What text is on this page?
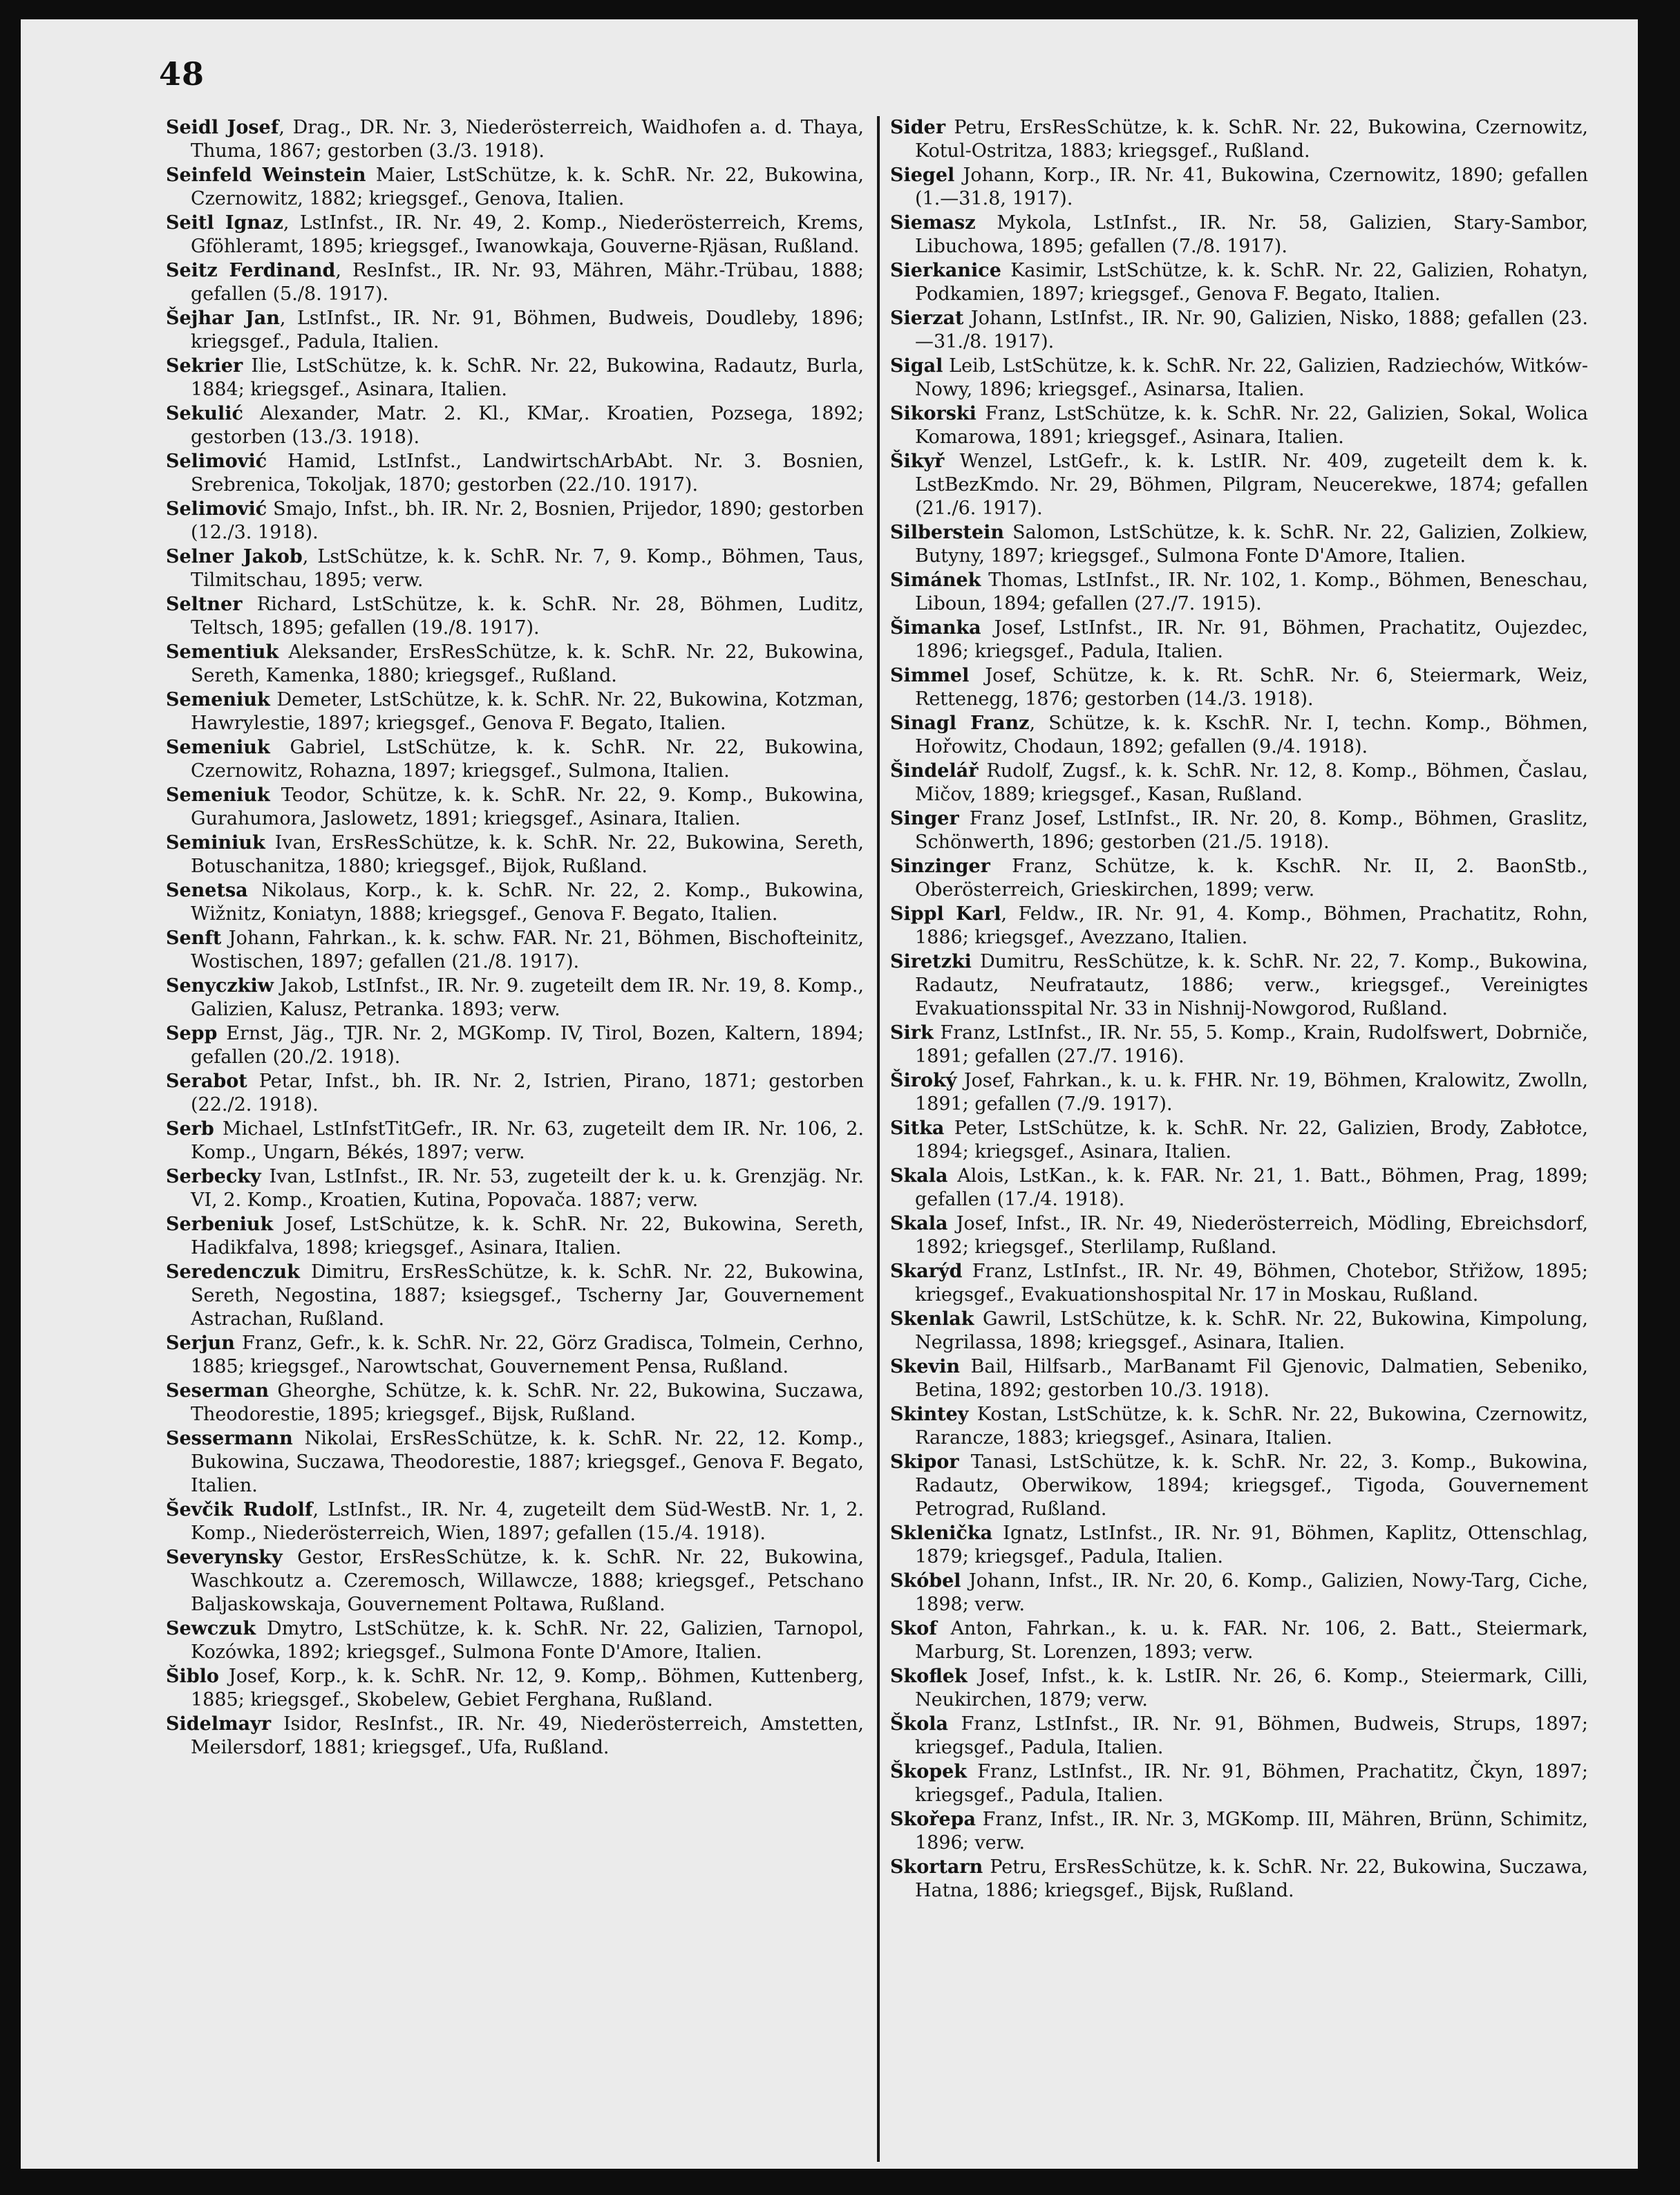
48

Seidl Josef, Drag., DR. Nr. 3, Niederösterreich, Waidhofen a. d. Thaya, Thuma, 1867; gestorben (3./3. 1918).

Seinfeld Weinstein Maier, LstSchütze, k. k. SchR. Nr. 22, Bukowina, Czernowitz, 1882; kriegsgef., Genova, Italien.

Seitl Ignaz, LstInfst., IR. Nr. 49, 2. Komp., Niederösterreich, Krems, Gföhleramt, 1895; kriegsgef., Iwanowkaja, Gouverne-Rjäsan, Rußland.

Seitz Ferdinand, ResInfst., IR. Nr. 93, Mähren, Mähr.-Trübau, 1888; gefallen (5./8. 1917).

Šejhar Jan, LstInfst., IR. Nr. 91, Böhmen, Budweis, Doudleby, 1896; kriegsgef., Padula, Italien.

Sekrier Ilie, LstSchütze, k. k. SchR. Nr. 22, Bukowina, Radautz, Burla, 1884; kriegsgef., Asinara, Italien.

Sekulić Alexander, Matr. 2. Kl., KMar,. Kroatien, Pozsega, 1892; gestorben (13./3. 1918).

Selimović Hamid, LstInfst., LandwirtschArbAbt. Nr. 3. Bosnien, Srebrenica, Tokoljak, 1870; gestorben (22./10. 1917).

Selimović Smajo, Infst., bh. IR. Nr. 2, Bosnien, Prijedor, 1890; gestorben (12./3. 1918).

Selner Jakob, LstSchütze, k. k. SchR. Nr. 7, 9. Komp., Böhmen, Taus, Tilmitschau, 1895; verw.

Seltner Richard, LstSchütze, k. k. SchR. Nr. 28, Böhmen, Luditz, Teltsch, 1895; gefallen (19./8. 1917).

Sementiuk Aleksander, ErsResSchütze, k. k. SchR. Nr. 22, Bukowina, Sereth, Kamenka, 1880; kriegsgef., Rußland.

Semeniuk Demeter, LstSchütze, k. k. SchR. Nr. 22, Bukowina, Kotzman, Hawrylestie, 1897; kriegsgef., Genova F. Begato, Italien.

Semeniuk Gabriel, LstSchütze, k. k. SchR. Nr. 22, Bukowina, Czernowitz, Rohazna, 1897; kriegsgef., Sulmona, Italien.

Semeniuk Teodor, Schütze, k. k. SchR. Nr. 22, 9. Komp., Bukowina, Gurahumora, Jaslowetz, 1891; kriegsgef., Asinara, Italien.

Seminiuk Ivan, ErsResSchütze, k. k. SchR. Nr. 22, Bukowina, Sereth, Botuschanitza, 1880; kriegsgef., Bijok, Rußland.

Senetsa Nikolaus, Korp., k. k. SchR. Nr. 22, 2. Komp., Bukowina, Wižnitz, Koniatyn, 1888; kriegsgef., Genova F. Begato, Italien.

Senft Johann, Fahrkan., k. k. schw. FAR. Nr. 21, Böhmen, Bischofteinitz, Wostischen, 1897; gefallen (21./8. 1917).

Senyczkiw Jakob, LstInfst., IR. Nr. 9. zugeteilt dem IR. Nr. 19, 8. Komp., Galizien, Kalusz, Petranka. 1893; verw.

Sepp Ernst, Jäg., TJR. Nr. 2, MGKomp. IV, Tirol, Bozen, Kaltern, 1894; gefallen (20./2. 1918).

Serabot Petar, Infst., bh. IR. Nr. 2, Istrien, Pirano, 1871; gestorben (22./2. 1918).

Serb Michael, LstInfstTitGefr., IR. Nr. 63, zugeteilt dem IR. Nr. 106, 2. Komp., Ungarn, Békés, 1897; verw.

Serbecky Ivan, LstInfst., IR. Nr. 53, zugeteilt der k. u. k. Grenzjäg. Nr. VI, 2. Komp., Kroatien, Kutina, Popovača. 1887; verw.

Serbeniuk Josef, LstSchütze, k. k. SchR. Nr. 22, Bukowina, Sereth, Hadikfalva, 1898; kriegsgef., Asinara, Italien.

Seredenczuk Dimitru, ErsResSchütze, k. k. SchR. Nr. 22, Bukowina, Sereth, Negostina, 1887; ksiegsgef., Tscherny Jar, Gouvernement Astrachan, Rußland.

Serjun Franz, Gefr., k. k. SchR. Nr. 22, Görz Gradisca, Tolmein, Cerhno, 1885; kriegsgef., Narowtschat, Gouvernement Pensa, Rußland.

Seserman Gheorghe, Schütze, k. k. SchR. Nr. 22, Bukowina, Suczawa, Theodorestie, 1895; kriegsgef., Bijsk, Rußland.

Sessermann Nikolai, ErsResSchütze, k. k. SchR. Nr. 22, 12. Komp., Bukowina, Suczawa, Theodorestie, 1887; kriegsgef., Genova F. Begato, Italien.

Ševčik Rudolf, LstInfst., IR. Nr. 4, zugeteilt dem Süd-WestB. Nr. 1, 2. Komp., Niederösterreich, Wien, 1897; gefallen (15./4. 1918).

Severynsky Gestor, ErsResSchütze, k. k. SchR. Nr. 22, Bukowina, Waschkoutz a. Czeremosch, Willawcze, 1888; kriegsgef., Petschano Baljaskowskaja, Gouvernement Poltawa, Rußland.

Sewczuk Dmytro, LstSchütze, k. k. SchR. Nr. 22, Galizien, Tarnopol, Kozówka, 1892; kriegsgef., Sulmona Fonte D'Amore, Italien.

Šiblo Josef, Korp., k. k. SchR. Nr. 12, 9. Komp,. Böhmen, Kuttenberg, 1885; kriegsgef., Skobelew, Gebiet Ferghana, Rußland.

Sidelmayr Isidor, ResInfst., IR. Nr. 49, Niederösterreich, Amstetten, Meilersdorf, 1881; kriegsgef., Ufa, Rußland.

Sider Petru, ErsResSchütze, k. k. SchR. Nr. 22, Bukowina, Czernowitz, Kotul-Ostritza, 1883; kriegsgef., Rußland.

Siegel Johann, Korp., IR. Nr. 41, Bukowina, Czernowitz, 1890; gefallen (1.—31.8, 1917).

Siemasz Mykola, LstInfst., IR. Nr. 58, Galizien, Stary-Sambor, Libuchowa, 1895; gefallen (7./8. 1917).

Sierkanice Kasimir, LstSchütze, k. k. SchR. Nr. 22, Galizien, Rohatyn, Podkamien, 1897; kriegsgef., Genova F. Begato, Italien.

Sierzat Johann, LstInfst., IR. Nr. 90, Galizien, Nisko, 1888; gefallen (23.—31./8. 1917).

Sigal Leib, LstSchütze, k. k. SchR. Nr. 22, Galizien, Radziechów, Witków-Nowy, 1896; kriegsgef., Asinarsa, Italien.

Sikorski Franz, LstSchütze, k. k. SchR. Nr. 22, Galizien, Sokal, Wolica Komarowa, 1891; kriegsgef., Asinara, Italien.

Šikyř Wenzel, LstGefr., k. k. LstIR. Nr. 409, zugeteilt dem k. k. LstBezKmdo. Nr. 29, Böhmen, Pilgram, Neucerekwe, 1874; gefallen (21./6. 1917).

Silberstein Salomon, LstSchütze, k. k. SchR. Nr. 22, Galizien, Zolkiew, Butyny, 1897; kriegsgef., Sulmona Fonte D'Amore, Italien.

Simánek Thomas, LstInfst., IR. Nr. 102, 1. Komp., Böhmen, Beneschau, Liboun, 1894; gefallen (27./7. 1915).

Šimanka Josef, LstInfst., IR. Nr. 91, Böhmen, Prachatitz, Oujezdec, 1896; kriegsgef., Padula, Italien.

Simmel Josef, Schütze, k. k. Rt. SchR. Nr. 6, Steiermark, Weiz, Rettenegg, 1876; gestorben (14./3. 1918).

Sinagl Franz, Schütze, k. k. KschR. Nr. I, techn. Komp., Böhmen, Hořowitz, Chodaun, 1892; gefallen (9./4. 1918).

Šindelář Rudolf, Zugsf., k. k. SchR. Nr. 12, 8. Komp., Böhmen, Časlau, Mičov, 1889; kriegsgef., Kasan, Rußland.

Singer Franz Josef, LstInfst., IR. Nr. 20, 8. Komp., Böhmen, Graslitz, Schönwerth, 1896; gestorben (21./5. 1918).

Sinzinger Franz, Schütze, k. k. KschR. Nr. II, 2. BaonStb., Oberösterreich, Grieskirchen, 1899; verw.

Sippl Karl, Feldw., IR. Nr. 91, 4. Komp., Böhmen, Prachatitz, Rohn, 1886; kriegsgef., Avezzano, Italien.

Siretzki Dumitru, ResSchütze, k. k. SchR. Nr. 22, 7. Komp., Bukowina, Radautz, Neufratautz, 1886; verw., kriegsgef., Vereinigtes Evakuationsspital Nr. 33 in Nishnij-Nowgorod, Rußland.

Sirk Franz, LstInfst., IR. Nr. 55, 5. Komp., Krain, Rudolfswert, Dobrniče, 1891; gefallen (27./7. 1916).

Široký Josef, Fahrkan., k. u. k. FHR. Nr. 19, Böhmen, Kralowitz, Zwolln, 1891; gefallen (7./9. 1917).

Sitka Peter, LstSchütze, k. k. SchR. Nr. 22, Galizien, Brody, Zabłotce, 1894; kriegsgef., Asinara, Italien.

Skala Alois, LstKan., k. k. FAR. Nr. 21, 1. Batt., Böhmen, Prag, 1899; gefallen (17./4. 1918).

Skala Josef, Infst., IR. Nr. 49, Niederösterreich, Mödling, Ebreichsdorf, 1892; kriegsgef., Sterlilamp, Rußland.

Skarýd Franz, LstInfst., IR. Nr. 49, Böhmen, Chotebor, Střižow, 1895; kriegsgef., Evakuationshospital Nr. 17 in Moskau, Rußland.

Skenlak Gawril, LstSchütze, k. k. SchR. Nr. 22, Bukowina, Kimpolung, Negrilassa, 1898; kriegsgef., Asinara, Italien.

Skevin Bail, Hilfsarb., MarBanamt Fil Gjenovic, Dalmatien, Sebeniko, Betina, 1892; gestorben 10./3. 1918).

Skintey Kostan, LstSchütze, k. k. SchR. Nr. 22, Bukowina, Czernowitz, Rarancze, 1883; kriegsgef., Asinara, Italien.

Skipor Tanasi, LstSchütze, k. k. SchR. Nr. 22, 3. Komp., Bukowina, Radautz, Oberwikow, 1894; kriegsgef., Tigoda, Gouvernement Petrograd, Rußland.

Sklenička Ignatz, LstInfst., IR. Nr. 91, Böhmen, Kaplitz, Ottenschlag, 1879; kriegsgef., Padula, Italien.

Skóbel Johann, Infst., IR. Nr. 20, 6. Komp., Galizien, Nowy-Targ, Ciche, 1898; verw.

Skof Anton, Fahrkan., k. u. k. FAR. Nr. 106, 2. Batt., Steiermark, Marburg, St. Lorenzen, 1893; verw.

Skoflek Josef, Infst., k. k. LstIR. Nr. 26, 6. Komp., Steiermark, Cilli, Neukirchen, 1879; verw.

Škola Franz, LstInfst., IR. Nr. 91, Böhmen, Budweis, Strups, 1897; kriegsgef., Padula, Italien.

Škopek Franz, LstInfst., IR. Nr. 91, Böhmen, Prachatitz, Čkyn, 1897; kriegsgef., Padula, Italien.

Skořepa Franz, Infst., IR. Nr. 3, MGKomp. III, Mähren, Brünn, Schimitz, 1896; verw.

Skortarn Petru, ErsResSchütze, k. k. SchR. Nr. 22, Bukowina, Suczawa, Hatna, 1886; kriegsgef., Bijsk, Rußland.
